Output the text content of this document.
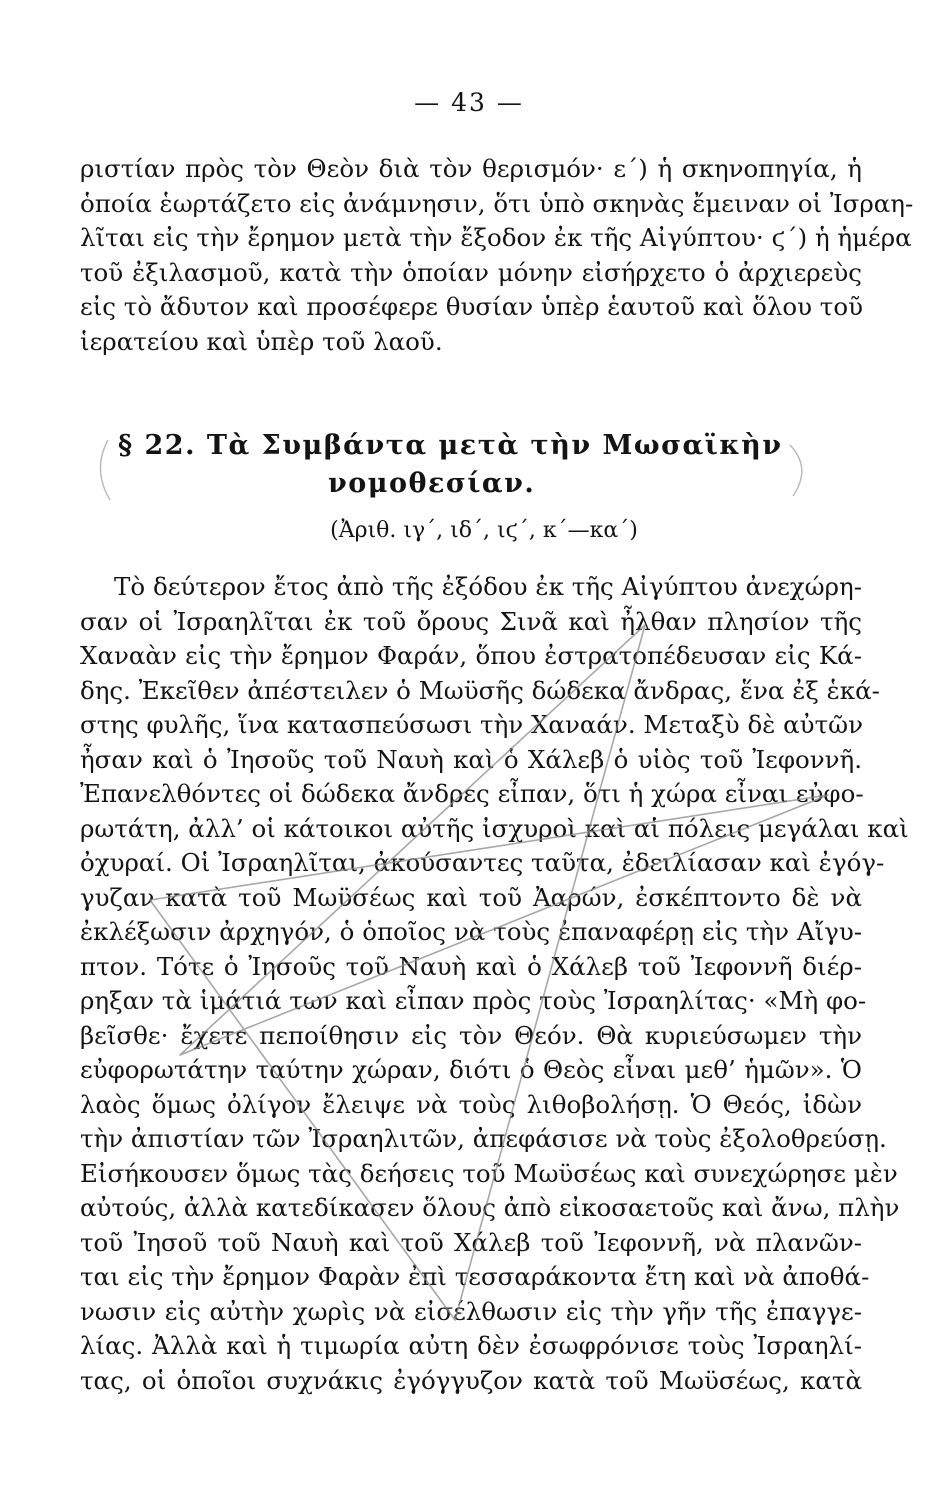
— 43 —
ριστίαν πρὸς τὸν Θεὸν διὰ τὸν θερισμόν· ε΄) ἡ σκηνοπηγία, ἡ
ὁποία ἑωρτάζετο εἰς ἀνάμνησιν, ὅτι ὑπὸ σκηνὰς ἔμειναν οἱ Ἰσραη-
λῖται εἰς τὴν ἔρημον μετὰ τὴν ἔξοδον ἐκ τῆς Αἰγύπτου· ϛ΄) ἡ ἡμέρα
τοῦ ἐξιλασμοῦ, κατὰ τὴν ὁποίαν μόνην εἰσήρχετο ὁ ἀρχιερεὺς
εἰς τὸ ἄδυτον καὶ προσέφερε θυσίαν ὑπὲρ ἑαυτοῦ καὶ ὅλου τοῦ
ἱερατείου καὶ ὑπὲρ τοῦ λαοῦ.
§ 22. Τὰ Συμβάντα μετὰ τὴν Μωσαϊκὴν
νομοθεσίαν.
(Ἀριθ. ιγ΄, ιδ΄, ιϛ΄, κ΄—κα΄)
Τὸ δεύτερον ἔτος ἀπὸ τῆς ἐξόδου ἐκ τῆς Αἰγύπτου ἀνεχώρη-
σαν οἱ Ἰσραηλῖται ἐκ τοῦ ὄρους Σινᾶ καὶ ἦλθαν πλησίον τῆς
Χαναὰν εἰς τὴν ἔρημον Φαράν, ὅπου ἐστρατοπέδευσαν εἰς Κά-
δης. Ἐκεῖθεν ἀπέστειλεν ὁ Μωϋσῆς δώδεκα ἄνδρας, ἕνα ἐξ ἑκά-
στης φυλῆς, ἵνα κατασπεύσωσι τὴν Χαναάν. Μεταξὺ δὲ αὐτῶν
ἦσαν καὶ ὁ Ἰησοῦς τοῦ Ναυὴ καὶ ὁ Χάλεβ ὁ υἱὸς τοῦ Ἰεφοννῆ.
Ἐπανελθόντες οἱ δώδεκα ἄνδρες εἶπαν, ὅτι ἡ χώρα εἶναι εὐφο-
ρωτάτη, ἀλλ’ οἱ κάτοικοι αὐτῆς ἰσχυροὶ καὶ αἱ πόλεις μεγάλαι καὶ
ὀχυραί. Οἱ Ἰσραηλῖται, ἀκούσαντες ταῦτα, ἐδειλίασαν καὶ ἐγόγ-
γυζαν κατὰ τοῦ Μωϋσέως καὶ τοῦ Ἀαρών, ἐσκέπτοντο δὲ νὰ
ἐκλέξωσιν ἀρχηγόν, ὁ ὁποῖος νὰ τοὺς ἐπαναφέρῃ εἰς τὴν Αἴγυ-
πτον. Τότε ὁ Ἰησοῦς τοῦ Ναυὴ καὶ ὁ Χάλεβ τοῦ Ἰεφοννῆ διέρ-
ρηξαν τὰ ἱμάτιά των καὶ εἶπαν πρὸς τοὺς Ἰσραηλίτας· «Μὴ φο-
βεῖσθε· ἔχετε πεποίθησιν εἰς τὸν Θεόν. Θὰ κυριεύσωμεν τὴν
εὐφορωτάτην ταύτην χώραν, διότι ὁ Θεὸς εἶναι μεθ’ ἡμῶν». Ὁ
λαὸς ὅμως ὀλίγον ἔλειψε νὰ τοὺς λιθοβολήσῃ. Ὁ Θεός, ἰδὼν
τὴν ἀπιστίαν τῶν Ἰσραηλιτῶν, ἀπεφάσισε νὰ τοὺς ἐξολοθρεύσῃ.
Εἰσήκουσεν ὅμως τὰς δεήσεις τοῦ Μωϋσέως καὶ συνεχώρησε μὲν
αὐτούς, ἀλλὰ κατεδίκασεν ὅλους ἀπὸ εἰκοσαετοῦς καὶ ἄνω, πλὴν
τοῦ Ἰησοῦ τοῦ Ναυὴ καὶ τοῦ Χάλεβ τοῦ Ἰεφοννῆ, νὰ πλανῶν-
ται εἰς τὴν ἔρημον Φαρὰν ἐπὶ τεσσαράκοντα ἔτη καὶ νὰ ἀποθά-
νωσιν εἰς αὐτὴν χωρὶς νὰ εἰσέλθωσιν εἰς τὴν γῆν τῆς ἐπαγγε-
λίας. Ἀλλὰ καὶ ἡ τιμωρία αὐτη δὲν ἐσωφρόνισε τοὺς Ἰσραηλί-
τας, οἱ ὁποῖοι συχνάκις ἐγόγγυζον κατὰ τοῦ Μωϋσέως, κατὰ
